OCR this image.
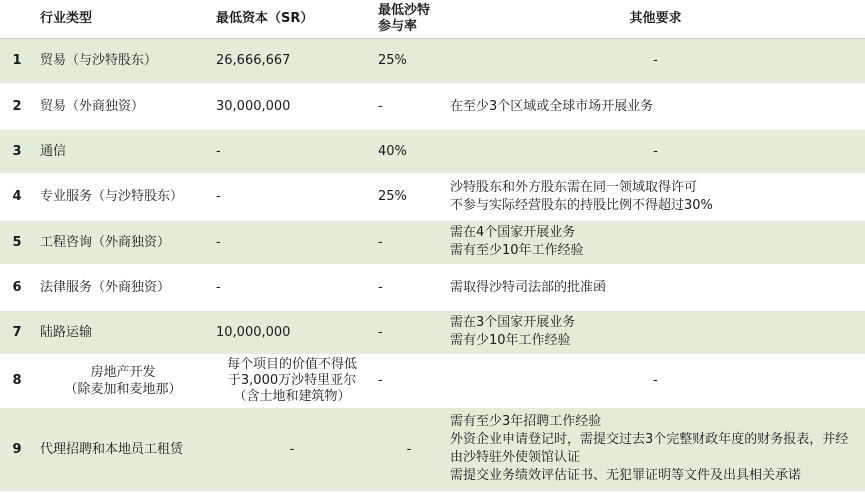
	行业类型	最低资本（SR）	最低沙特参与率	其他要求
1	贸易（与沙特股东）	26,666,667	25%	-

2	贸易（外商独资）	30,000,000	-	在至少3个区域或全球市场开展业务

3	通信	-	40%	-

4	专业服务（与沙特股东）	-	25%	沙特股东和外方股东需在同一领域取得许可
不参与实际经营股东的持股比例不得超过30%

5	工程咨询（外商独资）	-	-	需在4个国家开展业务
需有至少10年工作经验

6	法律服务（外商独资）	-	-	需取得沙特司法部的批准函

7	陆路运输	10,000,000	-	需在3个国家开展业务
需有少10年工作经验

8	房地产开发
（除麦加和麦地那）	每个项目的价值不得低
于3,000万沙特里亚尔
（含土地和建筑物）	-	-

9	代理招聘和本地员工租赁	-	-	需有至少3年招聘工作经验
外资企业申请登记时，需提交过去3个完整财政年度的财务报表，并经由沙特驻外使领馆认证
需提交业务绩效评估证书、无犯罪证明等文件及出具相关承诺
